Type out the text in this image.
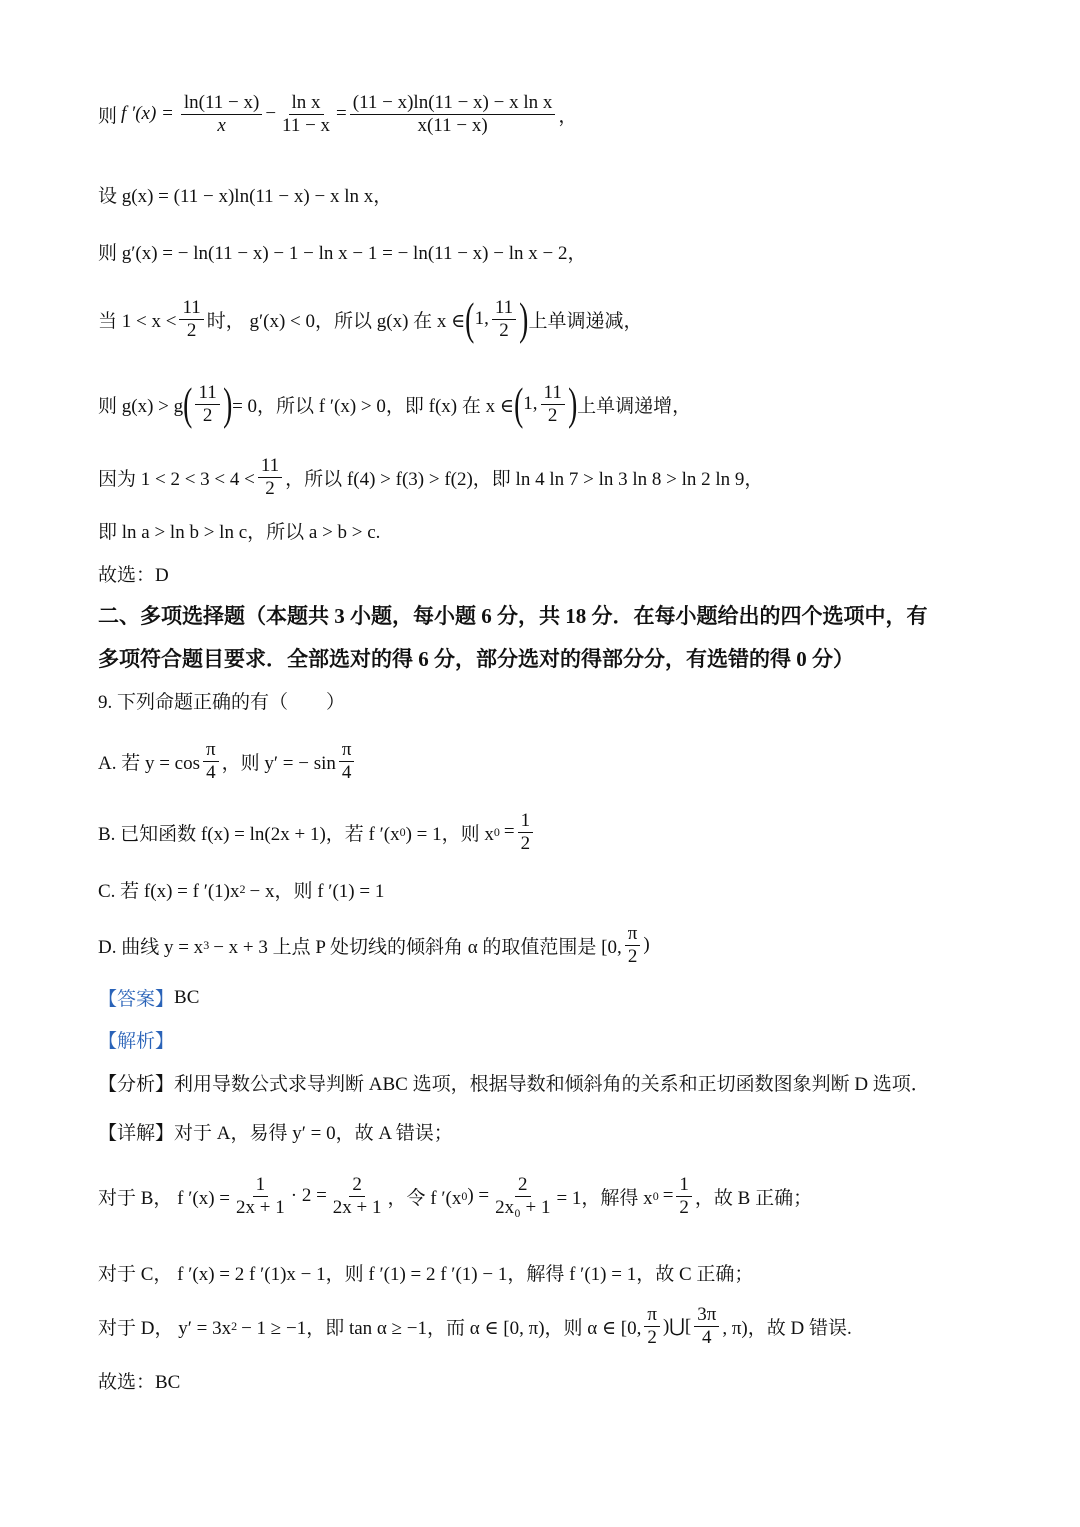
则 f $'(x) = \frac{\ln(11 - x)}{x} - \frac{\text{ln x}}{11 - x} = \frac{\text{(11 − x)ln(11 − x) − x ln x}}{x(11 - x)}$ ，
设 g(x) = (11 − x)ln(11 − x) − x ln x，
则 g′(x) = − ln(11 − x) − 1 − ln x − 1 = − ln(11 − x) − ln x − 2，
当 $1 < x < \frac{11}{2}$ 时， g′(x) < 0，所以 g(x) 在 x ∈ ( 1, $\frac{11}{2}$ ) 上单调递减，
则 g(x) > g ( $\frac{11}{2}$ ) = 0，所以 f ′(x) > 0，即 f(x) 在 x ∈ ( 1, $\frac{11}{2}$ ) 上单调递增，
因为 $1 < 2 < 3 < 4 < \frac{11}{2}$ ，所以 f(4) > f(3) > f(2)，即 ln 4 ln 7 > ln 3 ln 8 > ln 2 ln 9，
即 ln a > ln b > ln c，所以 a > b > c.
故选：D
二、多项选择题（本题共 3 小题，每小题 6 分，共 18 分．在每小题给出的四个选项中，有
多项符合题目要求．全部选对的得 6 分，部分选对的得部分分，有选错的得 0 分）
9. 下列命题正确的有（　　）
A. 若 $y = \cos \frac{\pi}{4}$ ，则 y′ = − $\sin \frac{\pi}{4}$
B. 已知函数 f(x) = ln(2x + 1)，若 f ′(x 0 ) = 1，则 x $0 = \frac{1}{2}$
C. 若 f(x) = f ′(1)x 2 − x，则 f ′(1) = 1
D. 曲线 y = x 3 − x + 3 上点 P 处切线的倾斜角 α 的取值范围是 [0, $\frac{\pi}{2}$ )
【答案】 BC
【解析】
【分析】 利用导数公式求导判断 ABC 选项，根据导数和倾斜角的关系和正切函数图象判断 D 选项．
【详解】 对于 A，易得 y′ = 0，故 A 错误；
对于 B， f $'(x) = \frac{1}{2x + 1} \cdot 2 = \frac{2}{2x + 1}$ ，令 f ′(x 0 ) = $\frac{2}{\text{2x₀ + 1}} = 1$，解得 x $0 = \frac{1}{2}$ ，故 B 正确；
对于 C， f ′(x) = 2 f ′(1)x − 1，则 f ′(1) = 2 f ′(1) − 1，解得 f ′(1) = 1，故 C 正确；
对于 D， y′ = 3x 2 − 1 ≥ −1，即 tan α ≥ −1，而 α ∈ [0, π)，则 α ∈ [0, $\frac{\pi}{2}$ )⋃[ $\frac{3\pi}{4}$ , π)，故 D 错误.
故选：BC
